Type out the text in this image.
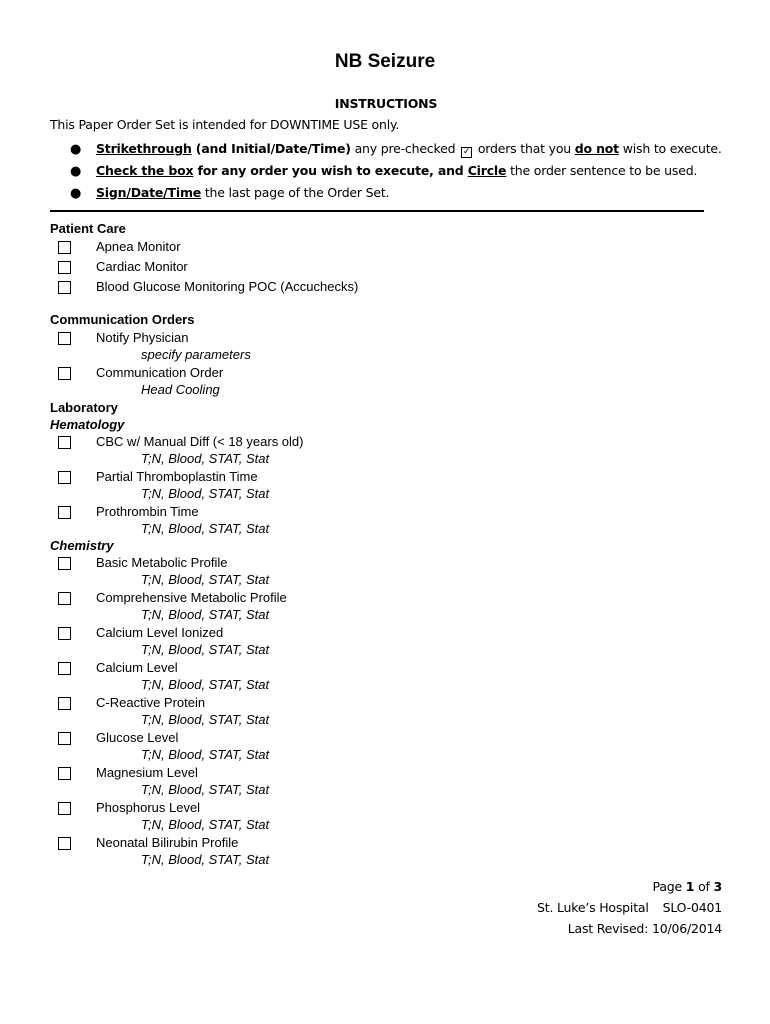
NB Seizure
INSTRUCTIONS
This Paper Order Set is intended for DOWNTIME USE only.
● Strikethrough (and Initial/Date/Time) any pre-checked ✓ orders that you do not wish to execute.
● Check the box for any order you wish to execute, and Circle the order sentence to be used.
● Sign/Date/Time the last page of the Order Set.
Patient Care
Apnea Monitor
Cardiac Monitor
Blood Glucose Monitoring POC (Accuchecks)
Communication Orders
Notify Physician
specify parameters
Communication Order
Head Cooling
Laboratory
Hematology
CBC w/ Manual Diff (< 18 years old)
T;N, Blood, STAT, Stat
Partial Thromboplastin Time
T;N, Blood, STAT, Stat
Prothrombin Time
T;N, Blood, STAT, Stat
Chemistry
Basic Metabolic Profile
T;N, Blood, STAT, Stat
Comprehensive Metabolic Profile
T;N, Blood, STAT, Stat
Calcium Level Ionized
T;N, Blood, STAT, Stat
Calcium Level
T;N, Blood, STAT, Stat
C-Reactive Protein
T;N, Blood, STAT, Stat
Glucose Level
T;N, Blood, STAT, Stat
Magnesium Level
T;N, Blood, STAT, Stat
Phosphorus Level
T;N, Blood, STAT, Stat
Neonatal Bilirubin Profile
T;N, Blood, STAT, Stat
Page 1 of 3
St. Luke’s Hospital SLO-0401
Last Revised: 10/06/2014
